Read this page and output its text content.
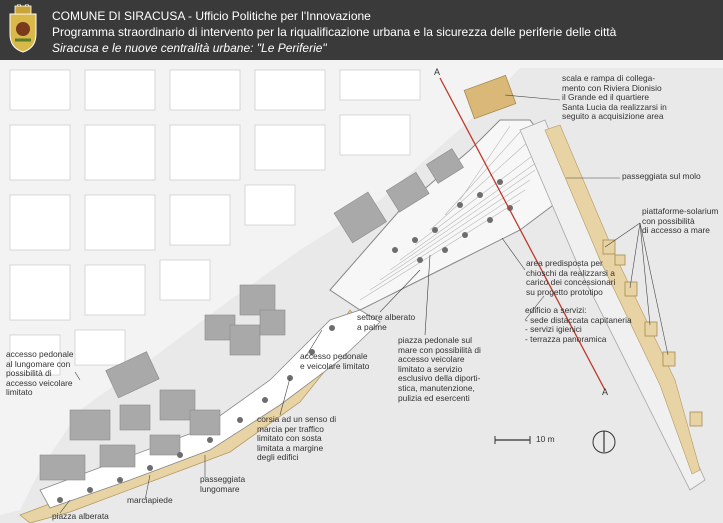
COMUNE DI SIRACUSA - Ufficio Politiche per l'Innovazione
Programma straordinario di intervento per la riqualificazione urbana e la sicurezza delle periferie delle città
Siracusa e le nuove centralità urbane: "Le Periferie"
A
A
10 m
scala e rampa di collega-
mento con Riviera Dionisio
il Grande ed il quartiere
Santa Lucia da realizzarsi in
seguito a acquisizione area
passeggiata sul molo
piattaforme-solarium
con possibilità
di accesso a mare
area predisposta per
chioschi da realizzarsi a
carico dei concessionari
su progetto prototipo
edificio a servizi:
- sede distaccata capitaneria
- servizi igienici
- terrazza panoramica
settore alberato
a palme
piazza pedonale sul
mare con possibilità di
accesso veicolare
limitato a servizio
esclusivo della diporti-
stica, manutenzione,
pulizia ed esercenti
accesso pedonale
e veicolare limitato
accesso pedonale
al lungomare con
possibilità di
accesso veicolare
limitato
corsia ad un senso di
marcia per traffico
limitato con sosta
limitata a margine
degli edifici
passeggiata
lungomare
marciapiede
piazza alberata
